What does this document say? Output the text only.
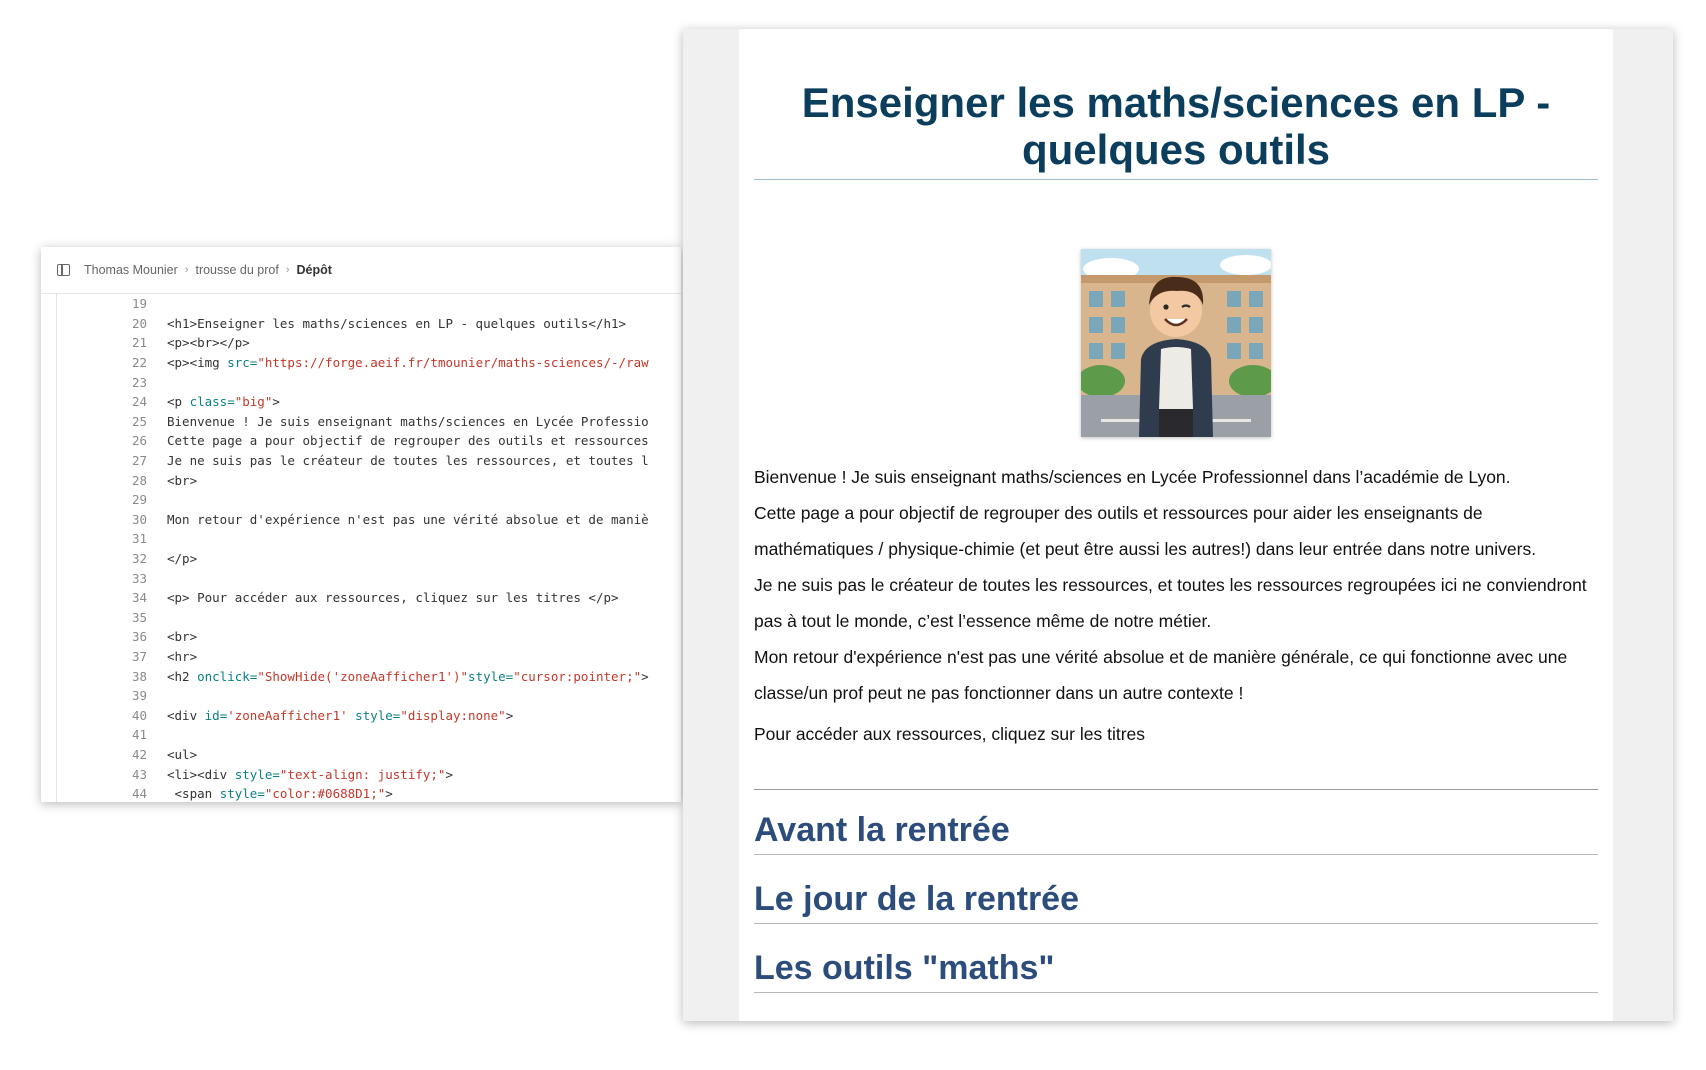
Thomas Mounier › trousse du prof › Dépôt
19
20 <h1>Enseigner les maths/sciences en LP - quelques outils</h1>
21 <p><br></p>
22 <p><img src="https://forge.aeif.fr/tmounier/maths-sciences/-/raw
23
24 <p class="big">
25 Bienvenue ! Je suis enseignant maths/sciences en Lycée Professio
26 Cette page a pour objectif de regrouper des outils et ressources
27 Je ne suis pas le créateur de toutes les ressources, et toutes l
28 <br>
29
30 Mon retour d'expérience n'est pas une vérité absolue et de maniè
31
32 </p>
33
34 <p> Pour accéder aux ressources, cliquez sur les titres </p>
35
36 <br>
37 <hr>
38 <h2 onclick="ShowHide('zoneAafficher1')"style="cursor:pointer;">
39
40 <div id='zoneAafficher1' style="display:none">
41
42 <ul>
43 <li><div style="text-align: justify;">
44 <span style="color:#0688D1;">
Enseigner les maths/sciences en LP - quelques outils

Bienvenue ! Je suis enseignant maths/sciences en Lycée Professionnel dans l’académie de Lyon.

Cette page a pour objectif de regrouper des outils et ressources pour aider les enseignants de mathématiques / physique-chimie (et peut être aussi les autres!) dans leur entrée dans notre univers.

Je ne suis pas le créateur de toutes les ressources, et toutes les ressources regroupées ici ne conviendront pas à tout le monde, c’est l’essence même de notre métier.

Mon retour d'expérience n'est pas une vérité absolue et de manière générale, ce qui fonctionne avec une classe/un prof peut ne pas fonctionner dans un autre contexte !

Pour accéder aux ressources, cliquez sur les titres

Avant la rentrée
Le jour de la rentrée
Les outils "maths"
